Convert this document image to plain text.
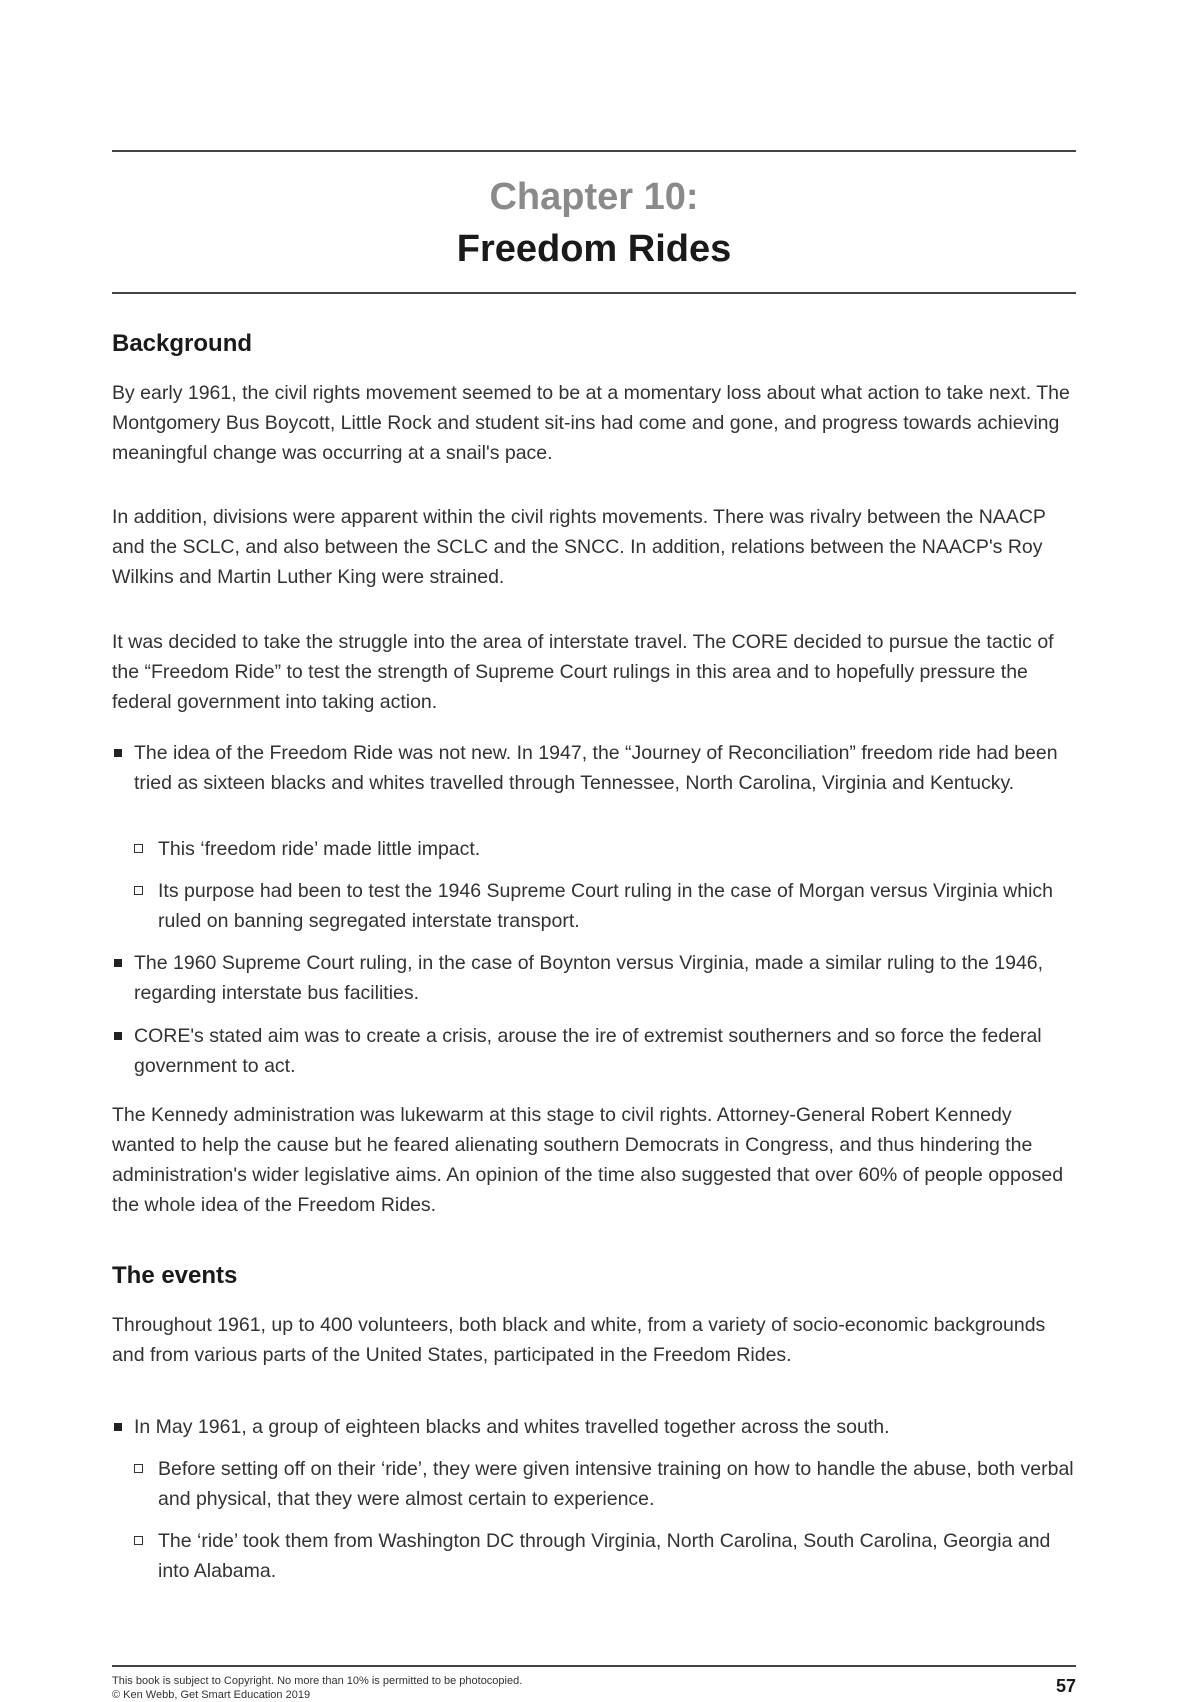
Chapter 10:
Freedom Rides
Background

By early 1961, the civil rights movement seemed to be at a momentary loss about what action to take next. The Montgomery Bus Boycott, Little Rock and student sit-ins had come and gone, and progress towards achieving meaningful change was occurring at a snail's pace.

In addition, divisions were apparent within the civil rights movements. There was rivalry between the NAACP and the SCLC, and also between the SCLC and the SNCC. In addition, relations between the NAACP's Roy Wilkins and Martin Luther King were strained.

It was decided to take the struggle into the area of interstate travel. The CORE decided to pursue the tactic of the “Freedom Ride” to test the strength of Supreme Court rulings in this area and to hopefully pressure the federal government into taking action.

The idea of the Freedom Ride was not new. In 1947, the “Journey of Reconciliation” freedom ride had been tried as sixteen blacks and whites travelled through Tennessee, North Carolina, Virginia and Kentucky.
This ‘freedom ride’ made little impact.
Its purpose had been to test the 1946 Supreme Court ruling in the case of Morgan versus Virginia which ruled on banning segregated interstate transport.
The 1960 Supreme Court ruling, in the case of Boynton versus Virginia, made a similar ruling to the 1946, regarding interstate bus facilities.
CORE's stated aim was to create a crisis, arouse the ire of extremist southerners and so force the federal government to act.

The Kennedy administration was lukewarm at this stage to civil rights. Attorney-General Robert Kennedy wanted to help the cause but he feared alienating southern Democrats in Congress, and thus hindering the administration's wider legislative aims. An opinion of the time also suggested that over 60% of people opposed the whole idea of the Freedom Rides.

The events

Throughout 1961, up to 400 volunteers, both black and white, from a variety of socio-economic backgrounds and from various parts of the United States, participated in the Freedom Rides.

In May 1961, a group of eighteen blacks and whites travelled together across the south.
Before setting off on their ‘ride’, they were given intensive training on how to handle the abuse, both verbal and physical, that they were almost certain to experience.
The ‘ride’ took them from Washington DC through Virginia, North Carolina, South Carolina, Georgia and into Alabama.
This book is subject to Copyright. No more than 10% is permitted to be photocopied.
© Ken Webb, Get Smart Education 2019	57
